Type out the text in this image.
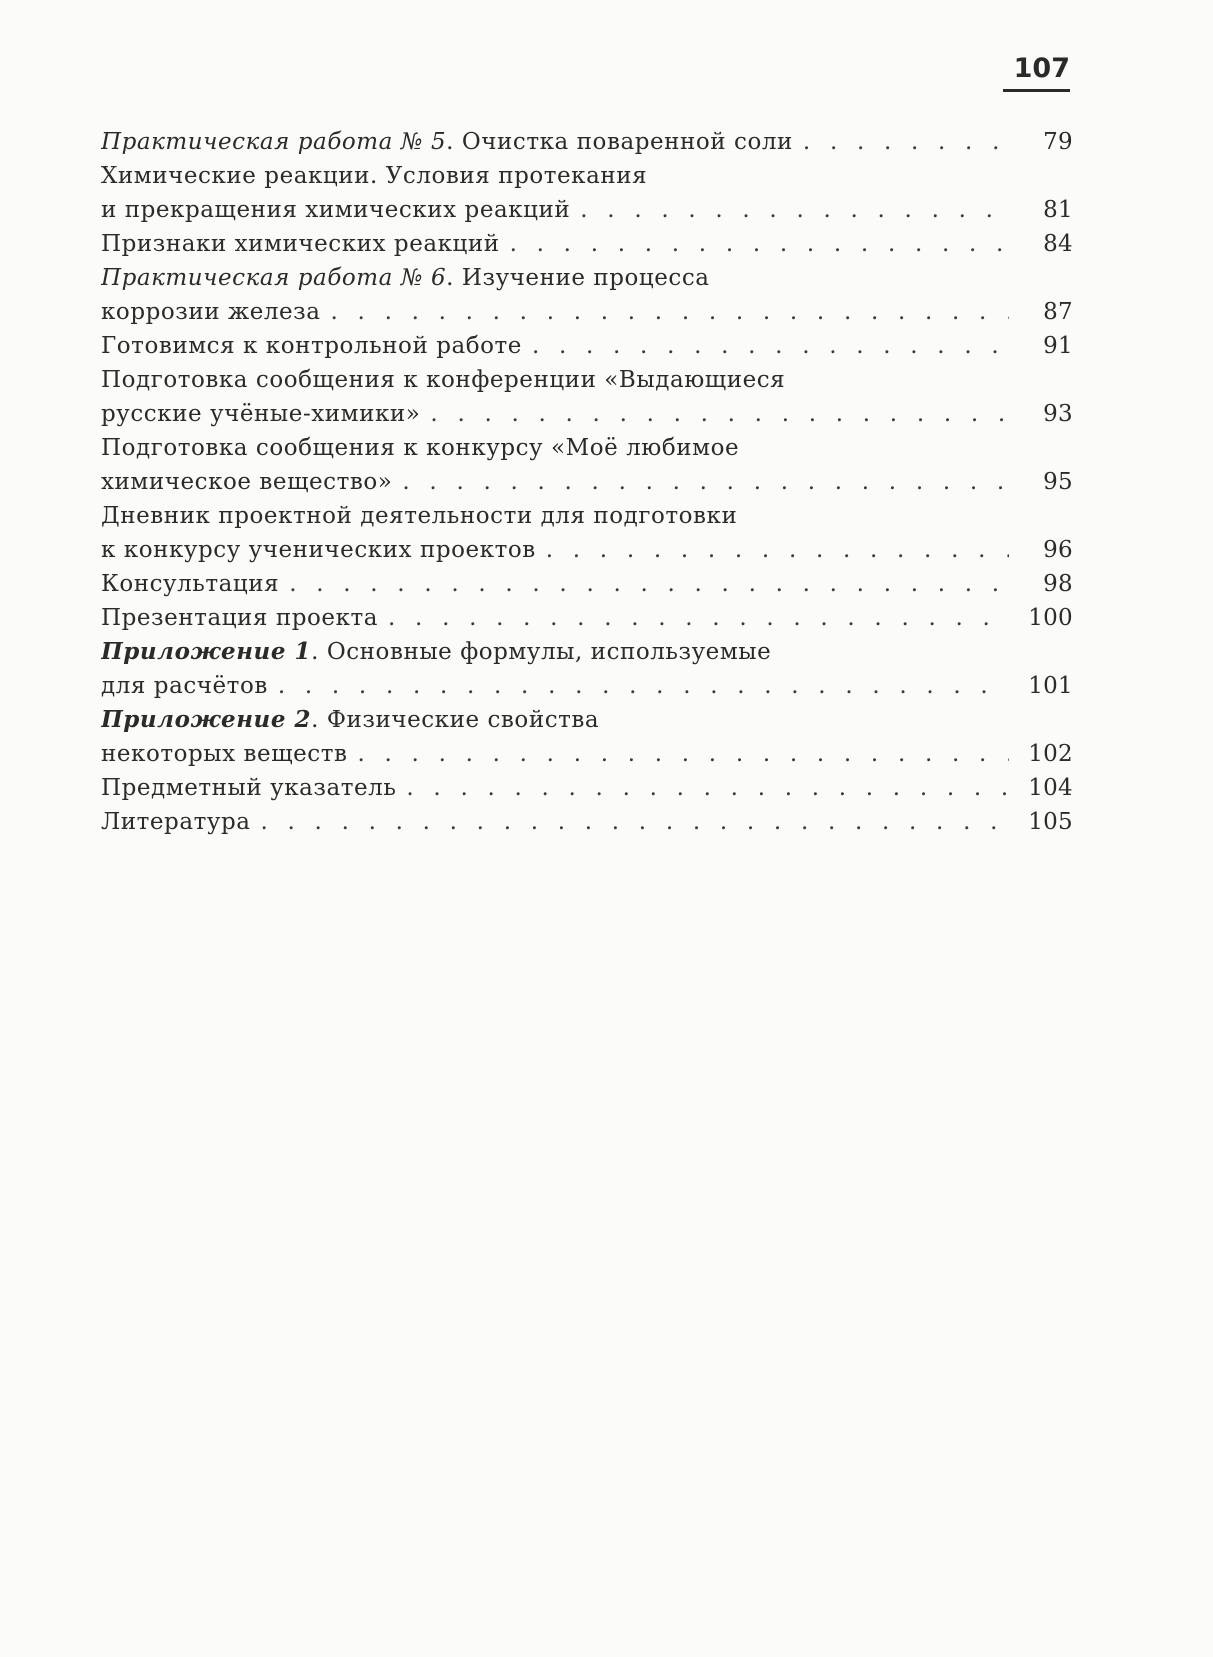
107
Практическая работа № 5. Очистка поваренной соли . . .	79
Химические реакции. Условия протекания
и прекращения химических реакций . . .	81
Признаки химических реакций . . .	84
Практическая работа № 6. Изучение процесса
коррозии железа . . .	87
Готовимся к контрольной работе . . .	91
Подготовка сообщения к конференции «Выдающиеся
русские учёные-химики» . . .	93
Подготовка сообщения к конкурсу «Моё любимое
химическое вещество» . . .	95
Дневник проектной деятельности для подготовки
к конкурсу ученических проектов . . .	96
Консультация . . .	98
Презентация проекта . . .	100
Приложение 1. Основные формулы, используемые
для расчётов . . .	101
Приложение 2. Физические свойства
некоторых веществ . . .	102
Предметный указатель . . .	104
Литература . . .	105
